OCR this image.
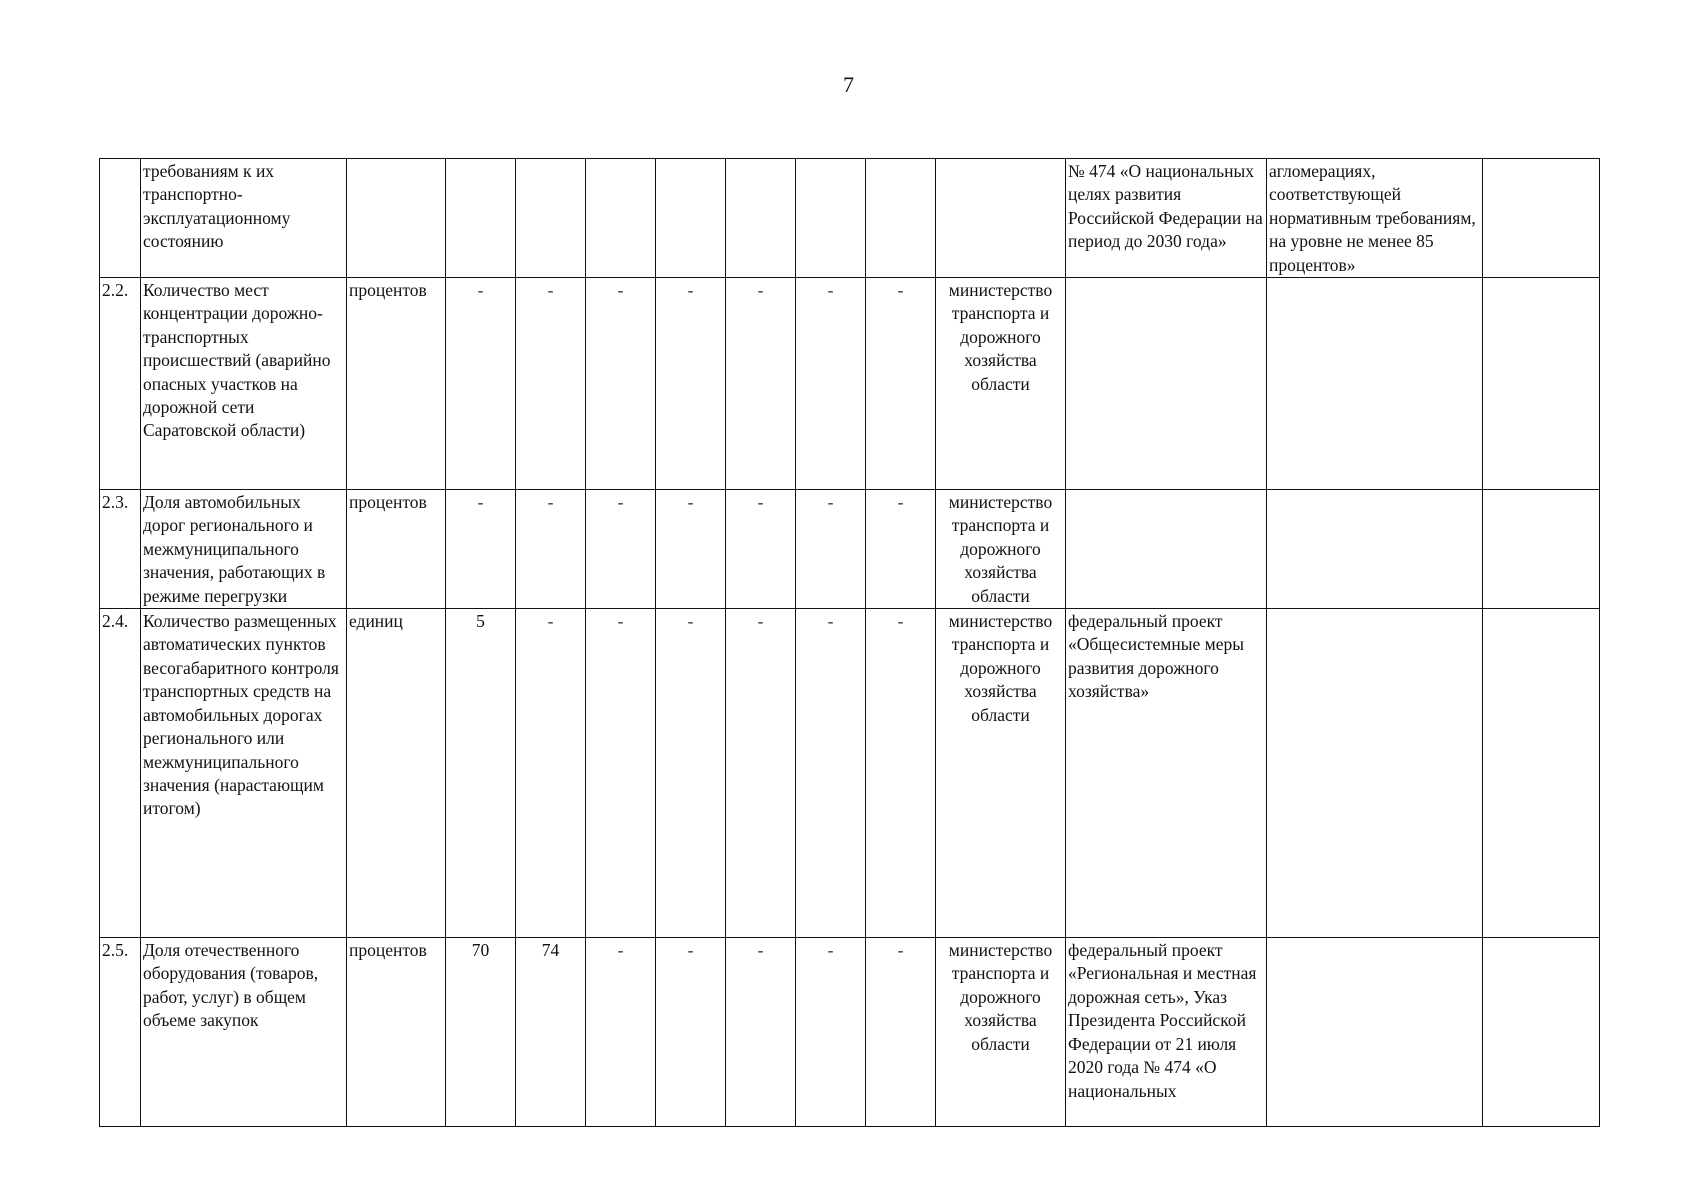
7
	требованиям к их транспортно-эксплуатационному состоянию										№ 474 «О национальных целях развития Российской Федерации на период до 2030 года»	агломерациях, соответствующей нормативным требованиям, на уровне не менее 85 процентов»	
2.2.	Количество мест концентрации дорожно-транспортных происшествий (аварийно опасных участков на дорожной сети Саратовской области)	процентов	-	-	-	-	-	-	-	министерство транспорта и дорожного хозяйства области			
2.3.	Доля автомобильных дорог регионального и межмуниципального значения, работающих в режиме перегрузки	процентов	-	-	-	-	-	-	-	министерство транспорта и дорожного хозяйства области			
2.4.	Количество размещенных автоматических пунктов весогабаритного контроля транспортных средств на автомобильных дорогах регионального или межмуниципального значения (нарастающим итогом)	единиц	5	-	-	-	-	-	-	министерство транспорта и дорожного хозяйства области	федеральный проект «Общесистемные меры развития дорожного хозяйства»		
2.5.	Доля отечественного оборудования (товаров, работ, услуг) в общем объеме закупок	процентов	70	74	-	-	-	-	-	министерство транспорта и дорожного хозяйства области	федеральный проект «Региональная и местная дорожная сеть», Указ Президента Российской Федерации от 21 июля 2020 года № 474 «О национальных		
